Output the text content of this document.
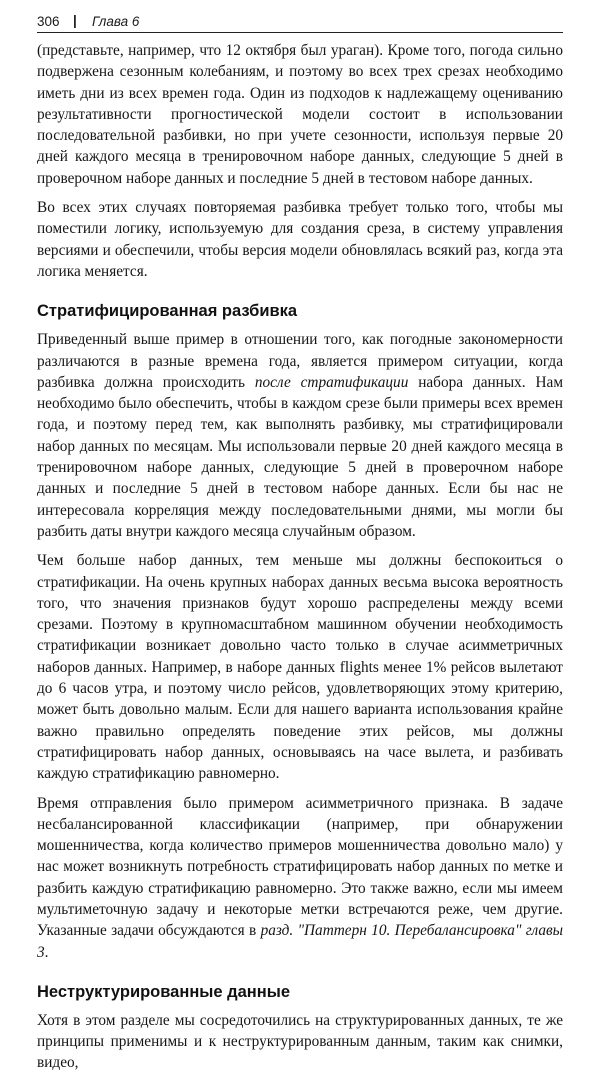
306 | Глава 6

(представьте, например, что 12 октября был ураган). Кроме того, погода сильно подвержена сезонным колебаниям, и поэтому во всех трех срезах необходимо иметь дни из всех времен года. Один из подходов к надлежащему оцениванию результативности прогностической модели состоит в использовании последовательной разбивки, но при учете сезонности, используя первые 20 дней каждого месяца в тренировочном наборе данных, следующие 5 дней в проверочном наборе данных и последние 5 дней в тестовом наборе данных.

Во всех этих случаях повторяемая разбивка требует только того, чтобы мы поместили логику, используемую для создания среза, в систему управления версиями и обеспечили, чтобы версия модели обновлялась всякий раз, когда эта логика меняется.

Стратифицированная разбивка

Приведенный выше пример в отношении того, как погодные закономерности различаются в разные времена года, является примером ситуации, когда разбивка должна происходить после стратификации набора данных. Нам необходимо было обеспечить, чтобы в каждом срезе были примеры всех времен года, и поэтому перед тем, как выполнять разбивку, мы стратифицировали набор данных по месяцам. Мы использовали первые 20 дней каждого месяца в тренировочном наборе данных, следующие 5 дней в проверочном наборе данных и последние 5 дней в тестовом наборе данных. Если бы нас не интересовала корреляция между последовательными днями, мы могли бы разбить даты внутри каждого месяца случайным образом.

Чем больше набор данных, тем меньше мы должны беспокоиться о стратификации. На очень крупных наборах данных весьма высока вероятность того, что значения признаков будут хорошо распределены между всеми срезами. Поэтому в крупномасштабном машинном обучении необходимость стратификации возникает довольно часто только в случае асимметричных наборов данных. Например, в наборе данных flights менее 1% рейсов вылетают до 6 часов утра, и поэтому число рейсов, удовлетворяющих этому критерию, может быть довольно малым. Если для нашего варианта использования крайне важно правильно определять поведение этих рейсов, мы должны стратифицировать набор данных, основываясь на часе вылета, и разбивать каждую стратификацию равномерно.

Время отправления было примером асимметричного признака. В задаче несбалансированной классификации (например, при обнаружении мошенничества, когда количество примеров мошенничества довольно мало) у нас может возникнуть потребность стратифицировать набор данных по метке и разбить каждую стратификацию равномерно. Это также важно, если мы имеем мультиметочную задачу и некоторые метки встречаются реже, чем другие. Указанные задачи обсуждаются в разд. "Паттерн 10. Перебалансировка" главы 3.

Неструктурированные данные

Хотя в этом разделе мы сосредоточились на структурированных данных, те же принципы применимы и к неструктурированным данным, таким как снимки, видео,
